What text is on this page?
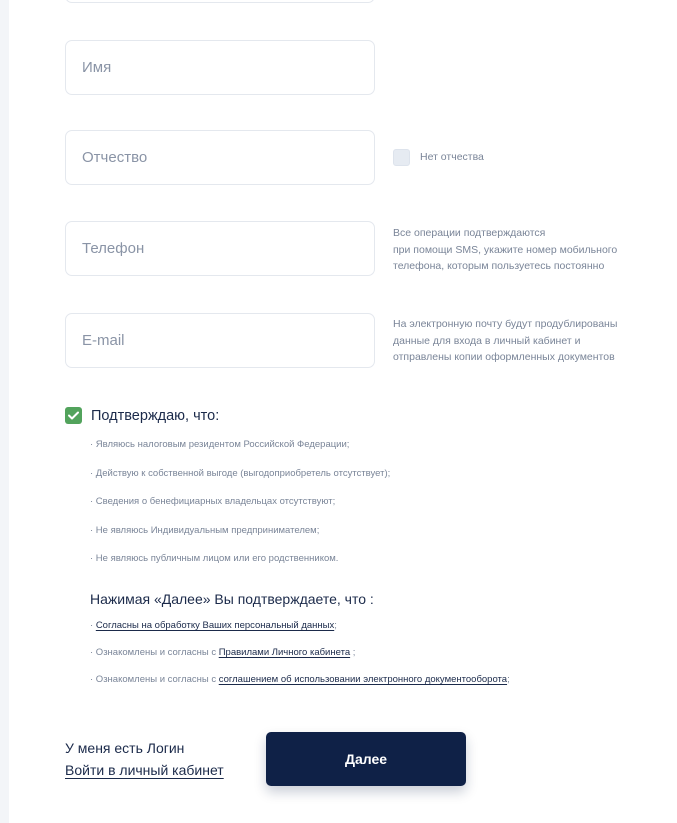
Имя
Отчество
Нет отчества
Телефон
Все операции подтверждаются
при помощи SMS, укажите номер мобильного
телефона, которым пользуетесь постоянно
E-mail
На электронную почту будут продублированы
данные для входа в личный кабинет и
отправлены копии оформленных документов
Подтверждаю, что:
· Являюсь налоговым резидентом Российской Федерации;
· Действую к собственной выгоде (выгодоприобретель отсутствует);
· Сведения о бенефициарных владельцах отсутствуют;
· Не являюсь Индивидуальным предпринимателем;
· Не являюсь публичным лицом или его родственником.
Нажимая «Далее» Вы подтверждаете, что :
· Согласны на обработку Ваших персональный данных;
· Ознакомлены и согласны с Правилами Личного кабинета ;
· Ознакомлены и согласны с соглашением об использовании электронного документооборота;
У меня есть Логин
Войти в личный кабинет
Далее
